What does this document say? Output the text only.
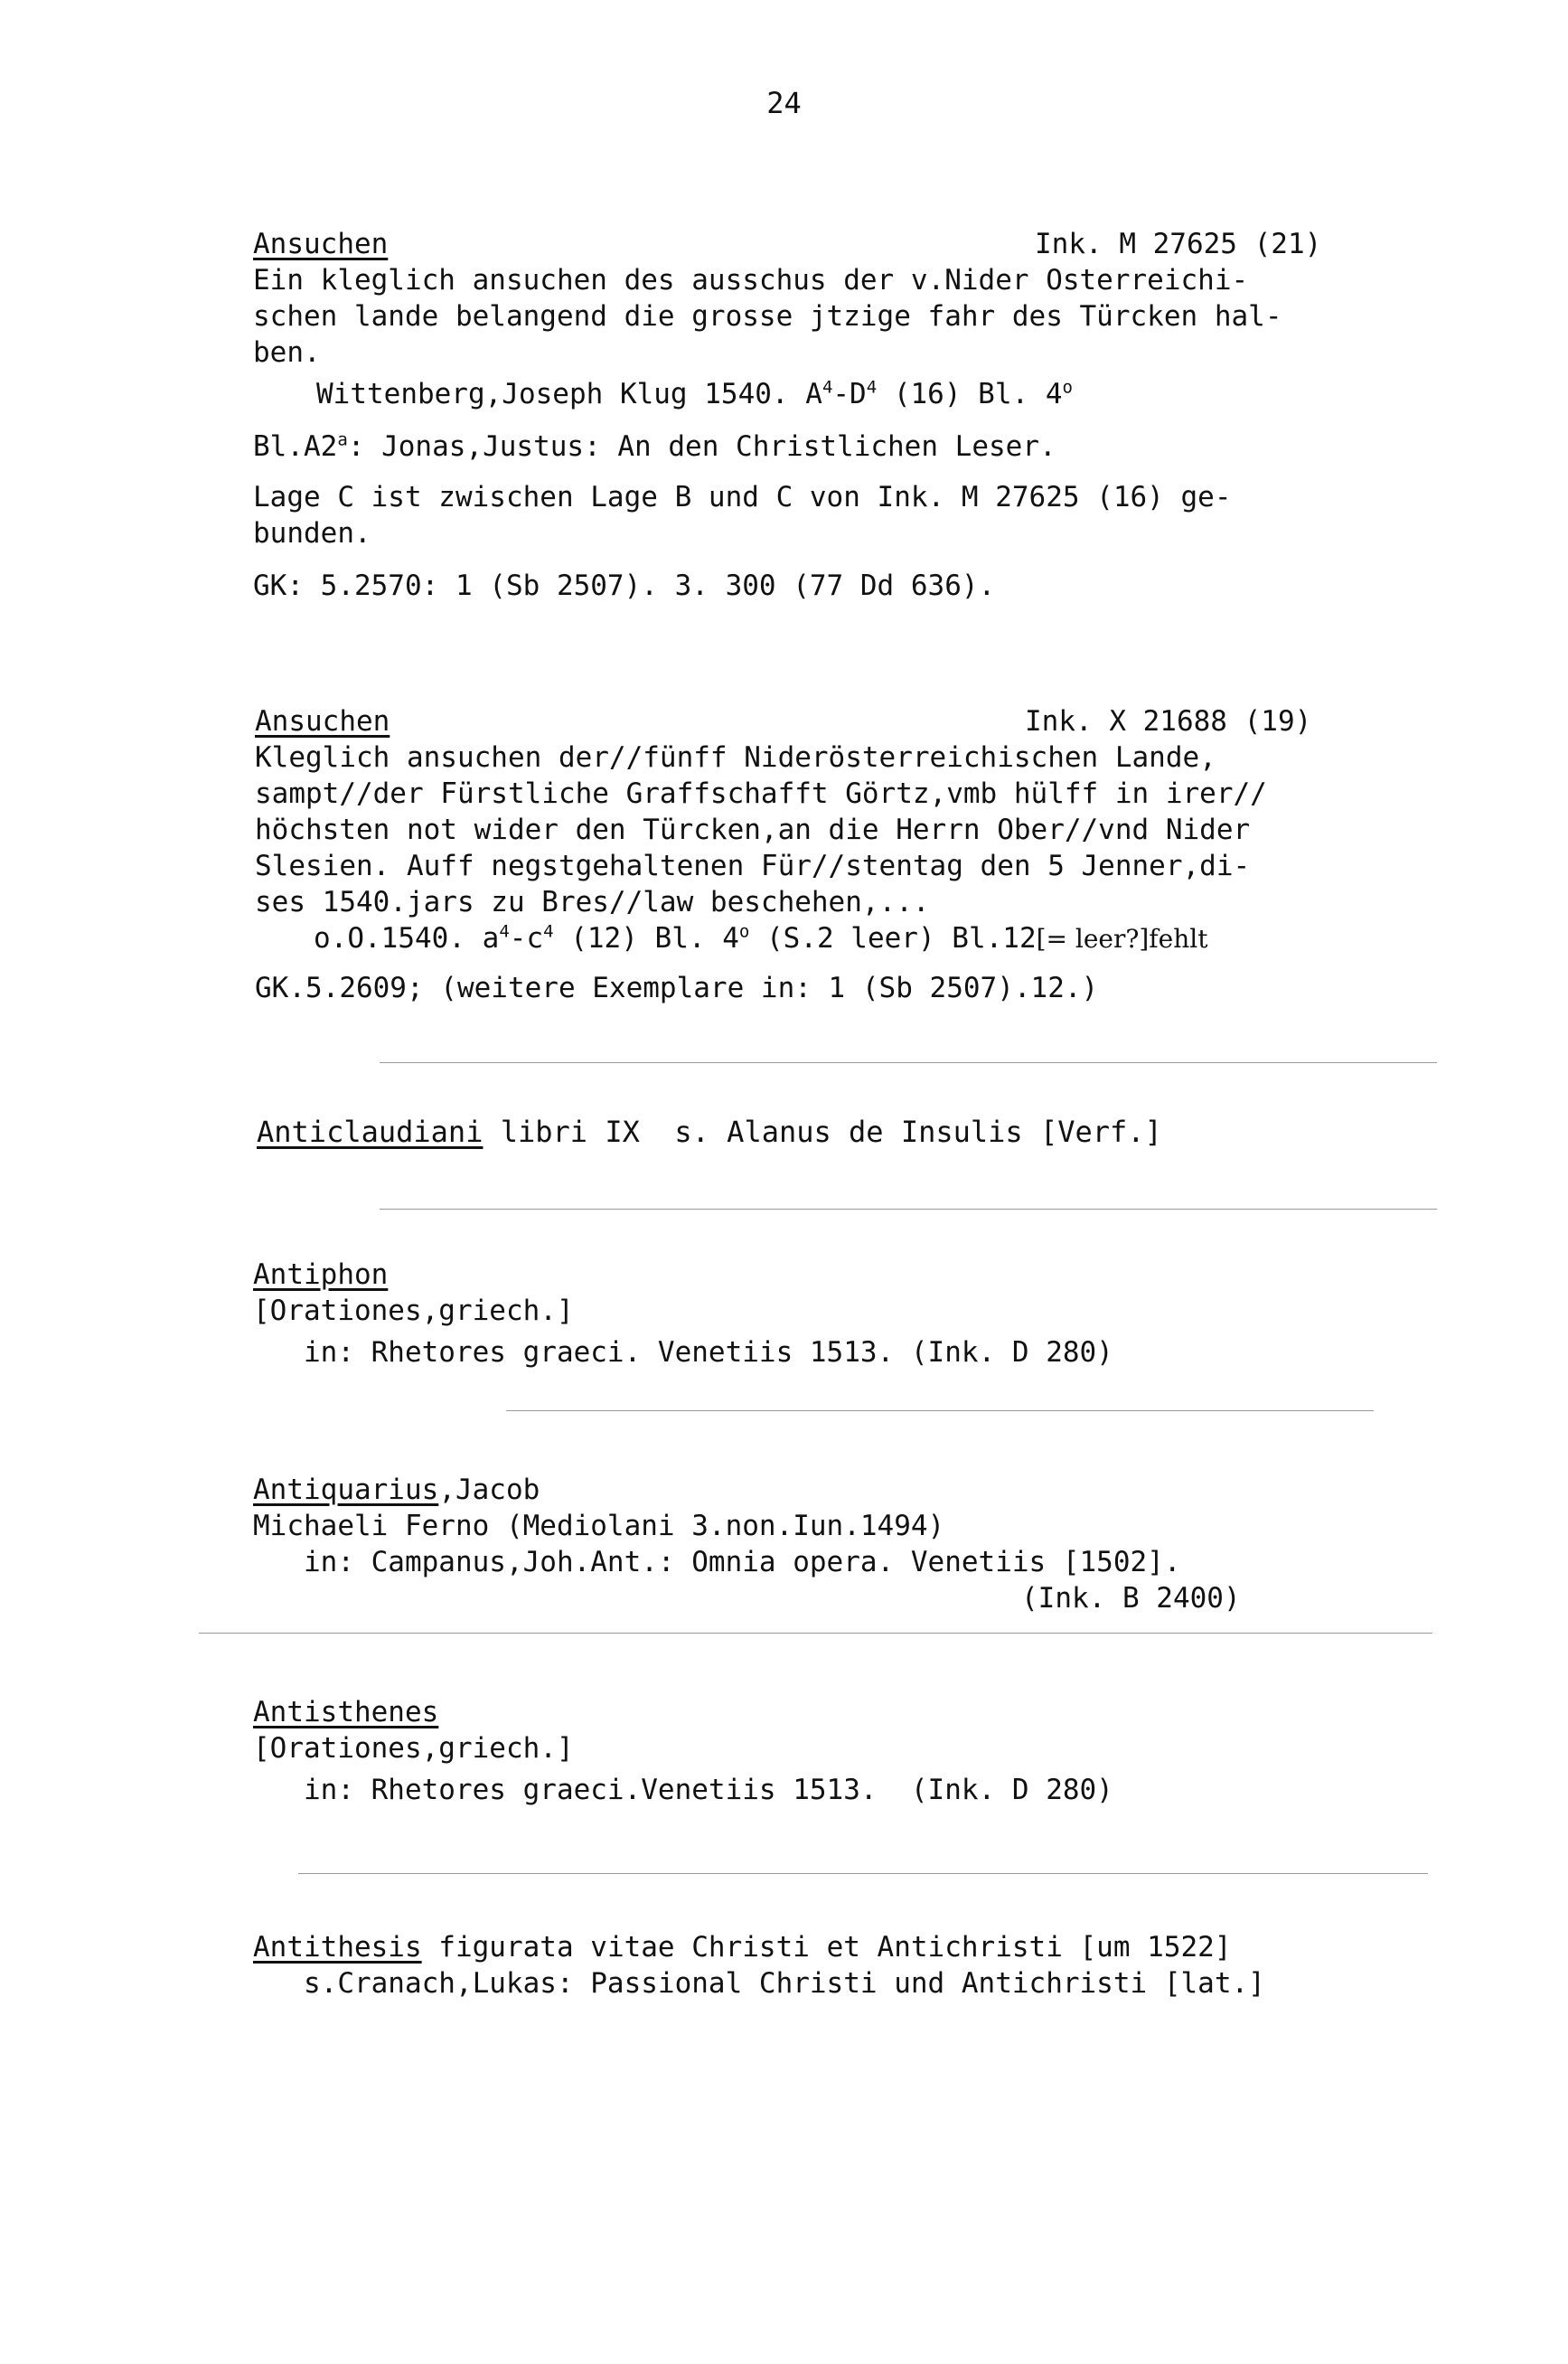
24
Ansuchen	Ink. M 27625 (21)
Ein kleglich ansuchen des ausschus der v.Nider Osterreichi-
schen lande belangend die grosse jtzige fahr des Türcken hal-
ben.
Wittenberg,Joseph Klug 1540. $A^4-D^4$ (16) Bl. 4$^o$
Bl.A2$^a$: Jonas,Justus: An den Christlichen Leser.
Lage C ist zwischen Lage B und C von Ink. M 27625 (16) ge-
bunden.
GK: 5.2570: 1 (Sb 2507). 3. 300 (77 Dd 636).
Ansuchen	Ink. X 21688 (19)
Kleglich ansuchen der//fünff Niderösterreichischen Lande,
sampt//der Fürstliche Graffschafft Görtz,vmb hülff in irer//
höchsten not wider den Türcken,an die Herrn Ober//vnd Nider
Slesien. Auff negstgehaltenen Für//stentag den 5 Jenner,di-
ses 1540.jars zu Bres//law beschehen,...
o.O.1540. $a^4-c^4$ (12) Bl. 4$^o$ (S.2 leer) Bl.12[= leer?]fehlt
GK.5.2609; (weitere Exemplare in: 1 (Sb 2507).12.)
Anticlaudiani libri IX  s. Alanus de Insulis [Verf.]
Antiphon
[Orationes,griech.]
in: Rhetores graeci. Venetiis 1513. (Ink. D 280)
Antiquarius,Jacob
Michaeli Ferno (Mediolani 3.non.Iun.1494)
in: Campanus,Joh.Ant.: Omnia opera. Venetiis [1502].
(Ink. B 2400)
Antisthenes
[Orationes,griech.]
in: Rhetores graeci.Venetiis 1513.  (Ink. D 280)
Antithesis figurata vitae Christi et Antichristi [um 1522]
s.Cranach,Lukas: Passional Christi und Antichristi [lat.]
